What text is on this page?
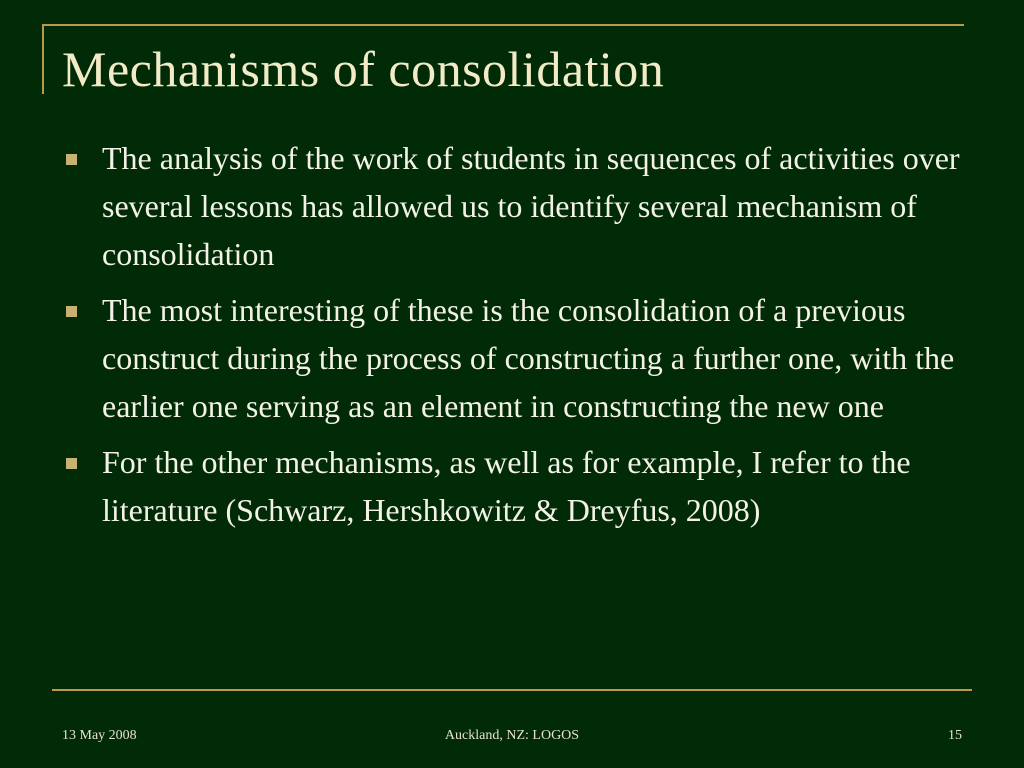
Mechanisms of consolidation
The analysis of the work of students in sequences of activities over several lessons has allowed us to identify several mechanism of consolidation
The most interesting of these is the consolidation of a previous construct during the process of constructing a further one, with the earlier one serving as an element in constructing the new one
For the other mechanisms, as well as for example, I refer to the literature (Schwarz, Hershkowitz & Dreyfus, 2008)
13 May 2008	Auckland, NZ: LOGOS	15
